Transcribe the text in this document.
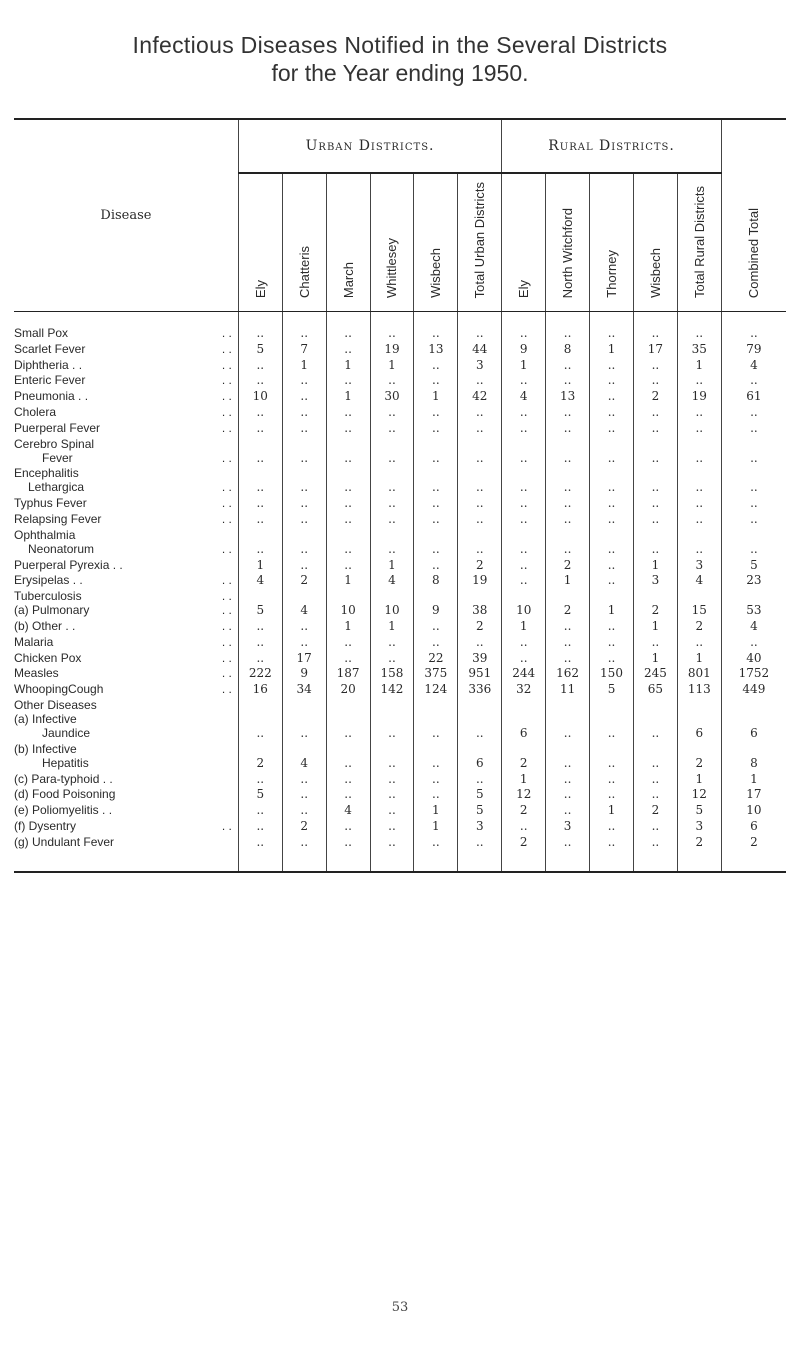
Infectious Diseases Notified in the Several Districts
for the Year ending 1950.
Disease	Urban Districts.						Rural Districts.					Combined Total
	Ely	Chatteris	March	Whittlesey	Wisbech	Total Urban Districts	Ely	North Witchford	Thorney	Wisbech	Total Rural Districts	

. .
Small Pox	..	..	..	..	..	..	..	..	..	..	..	..

. .
Scarlet Fever	5	7	..	19	13	44	9	8	1	17	35	79

. .
Diphtheria . .	..	1	1	1	..	3	1	..	..	..	1	4

. .
Enteric Fever	..	..	..	..	..	..	..	..	..	..	..	..

. .
Pneumonia . .	10	..	1	30	1	42	4	13	..	2	19	61

. .
Cholera	..	..	..	..	..	..	..	..	..	..	..	..

. .
Puerperal Fever	..	..	..	..	..	..	..	..	..	..	..	..
Cerebro Spinal												

. .
Fever	..	..	..	..	..	..	..	..	..	..	..	..
Encephalitis												

. .
Lethargica	..	..	..	..	..	..	..	..	..	..	..	..

. .
Typhus Fever	..	..	..	..	..	..	..	..	..	..	..	..

. .
Relapsing Fever	..	..	..	..	..	..	..	..	..	..	..	..
Ophthalmia												

. .
Neonatorum	..	..	..	..	..	..	..	..	..	..	..	..
Puerperal Pyrexia . .	1	..	..	1	..	2	..	2	..	1	3	5

. .
Erysipelas . .	4	2	1	4	8	19	..	1	..	3	4	23

. .
Tuberculosis												

. .
(a) Pulmonary	5	4	10	10	9	38	10	2	1	2	15	53

. .
(b) Other . .	..	..	1	1	..	2	1	..	..	1	2	4

. .
Malaria	..	..	..	..	..	..	..	..	..	..	..	..

. .
Chicken Pox	..	17	..	..	22	39	..	..	..	1	1	40

. .
Measles	222	9	187	158	375	951	244	162	150	245	801	1752

. .
WhoopingCough	16	34	20	142	124	336	32	11	5	65	113	449
Other Diseases												
(a) Infective												
Jaundice	..	..	..	..	..	..	6	..	..	..	6	6
(b) Infective												
Hepatitis	2	4	..	..	..	6	2	..	..	..	2	8
(c) Para-typhoid . .	..	..	..	..	..	..	1	..	..	..	1	1
(d) Food Poisoning	5	..	..	..	..	5	12	..	..	..	12	17
(e) Poliomyelitis . .	..	..	4	..	1	5	2	..	1	2	5	10

. .
(f) Dysentry	..	2	..	..	1	3	..	3	..	..	3	6
(g) Undulant Fever	..	..	..	..	..	..	2	..	..	..	2	2
53
